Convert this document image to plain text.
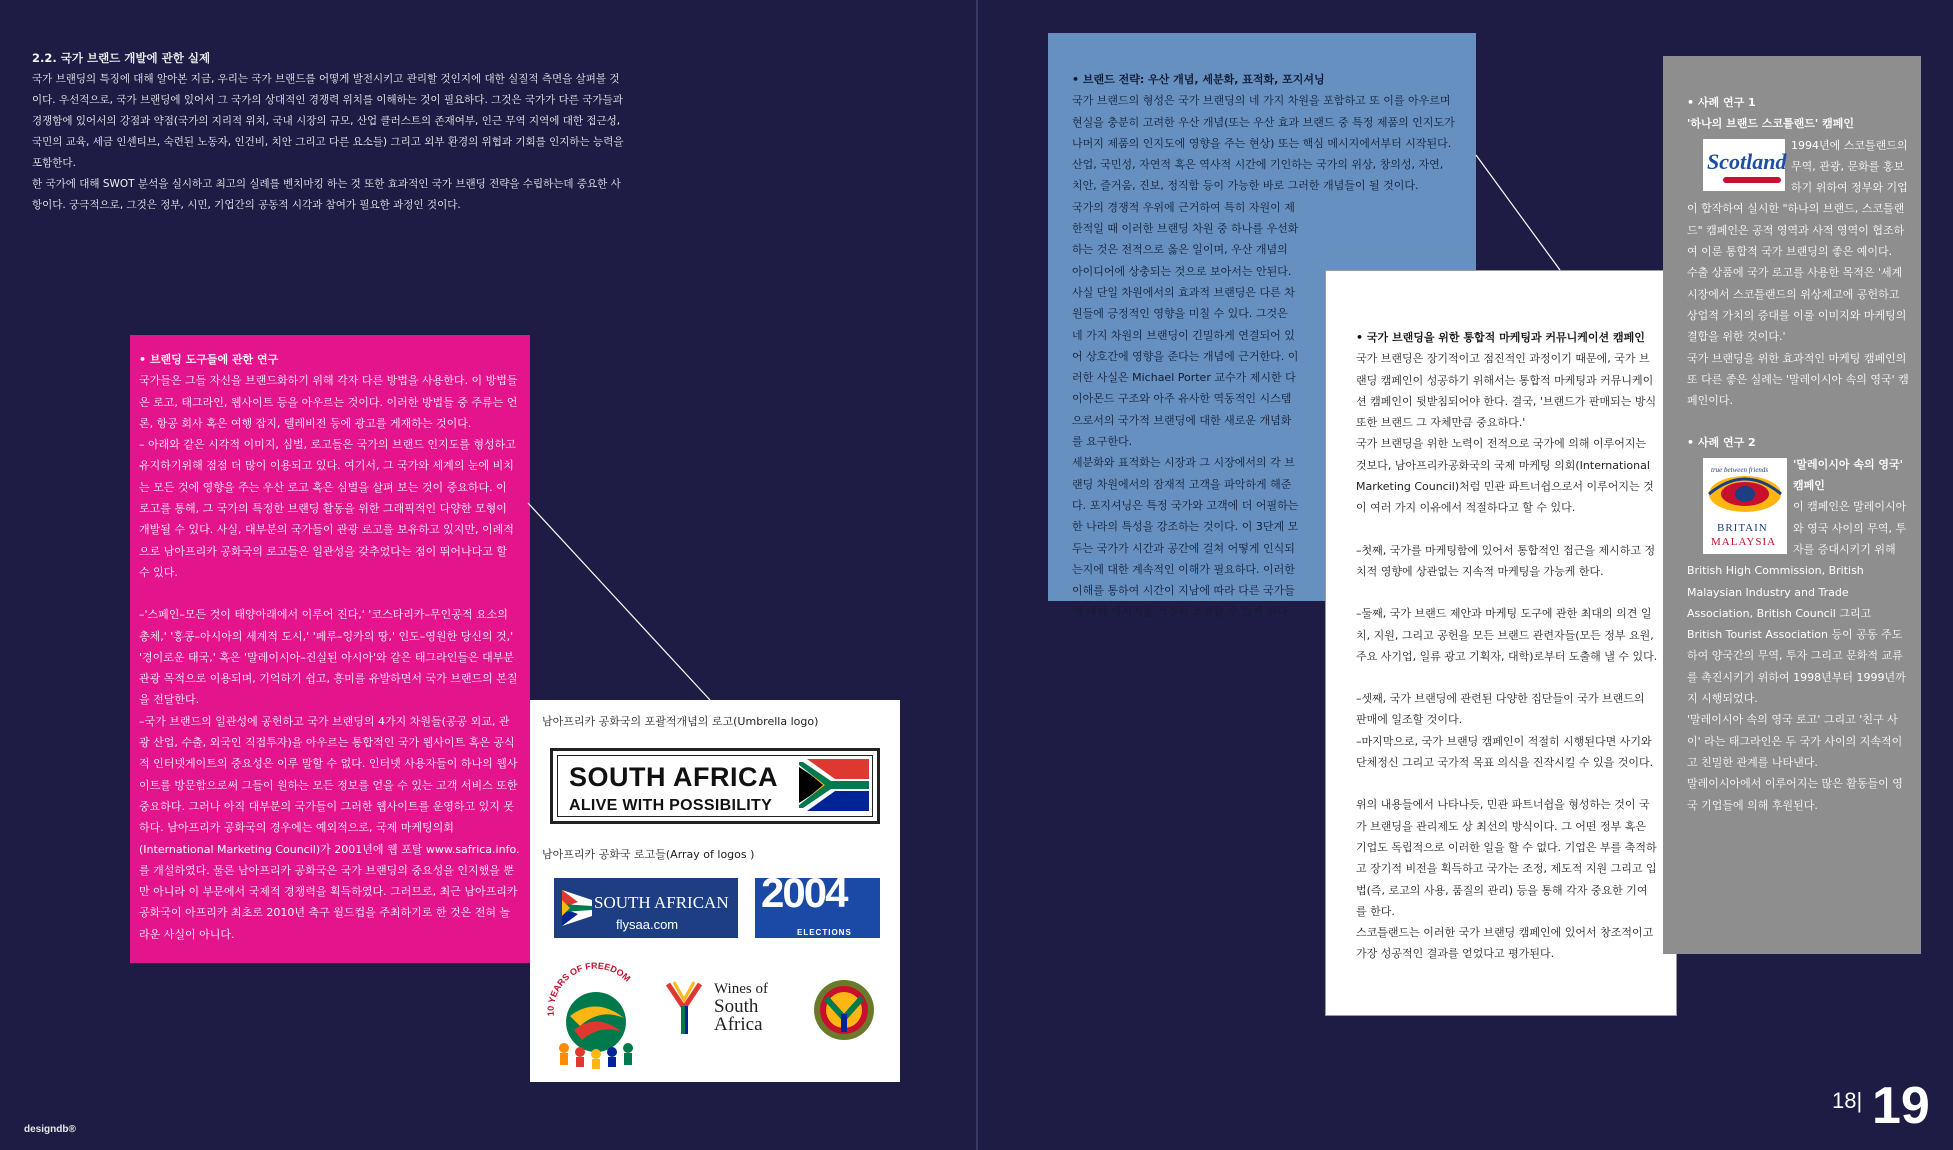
2.2. 국가 브랜드 개발에 관한 실제

국가 브랜딩의 특징에 대해 알아본 지금, 우리는 국가 브랜드를 어떻게 발전시키고 관리할 것인지에 대한 실질적 측면을 살펴볼 것이다. 우선적으로, 국가 브랜딩에 있어서 그 국가의 상대적인 경쟁력 위치를 이해하는 것이 필요하다. 그것은 국가가 다른 국가들과 경쟁함에 있어서의 강점과 약점(국가의 지리적 위치, 국내 시장의 규모, 산업 클러스트의 존재여부, 인근 무역 지역에 대한 접근성, 국민의 교육, 세금 인센티브, 숙련된 노동자, 인건비, 치안 그리고 다른 요소들) 그리고 외부 환경의 위협과 기회를 인지하는 능력을 포함한다.

한 국가에 대해 SWOT 분석을 실시하고 최고의 실례를 벤치마킹 하는 것 또한 효과적인 국가 브랜딩 전략을 수립하는데 중요한 사항이다. 궁극적으로, 그것은 정부, 시민, 기업간의 공동적 시각과 참여가 필요한 과정인 것이다.

• 브랜딩 도구들에 관한 연구

국가들은 그들 자신을 브랜드화하기 위해 각자 다른 방법을 사용한다. 이 방법들은 로고, 태그라인, 웹사이트 등을 아우르는 것이다. 이러한 방법들 중 주류는 언론, 항공 회사 혹은 여행 잡지, 텔레비전 등에 광고를 게재하는 것이다.

– 아래와 같은 시각적 이미지, 심벌, 로고들은 국가의 브랜드 인지도를 형성하고 유지하기위해 점점 더 많이 이용되고 있다. 여기서, 그 국가와 세계의 눈에 비치는 모든 것에 영향을 주는 우산 로고 혹은 심벌을 살펴 보는 것이 중요하다. 이 로고를 통해, 그 국가의 특정한 브랜딩 활동을 위한 그래픽적인 다양한 모형이 개발될 수 있다. 사실, 대부분의 국가들이 관광 로고를 보유하고 있지만, 이례적으로 남아프리카 공화국의 로고들은 일관성을 갖추었다는 점이 뛰어나다고 할 수 있다.

–'스페인–모든 것이 태양아래에서 이루어 진다,' '코스타리카–무인공적 요소의 총체,' '홍콩–아시아의 세계적 도시,' '페루–잉카의 땅,' 인도–영원한 당신의 것,' '경이로운 태국,' 혹은 '말레이시아–진실된 아시아'와 같은 태그라인들은 대부분 관광 목적으로 이용되며, 기억하기 쉽고, 흥미를 유발하면서 국가 브랜드의 본질을 전달한다.

–국가 브랜드의 일관성에 공헌하고 국가 브랜딩의 4가지 차원들(공공 외교, 관광 산업, 수출, 외국인 직접투자)을 아우르는 통합적인 국가 웹사이트 혹은 공식적 인터넷게이트의 중요성은 이루 말할 수 없다. 인터넷 사용자들이 하나의 웹사이트를 방문함으로써 그들이 원하는 모든 정보를 얻을 수 있는 고객 서비스 또한 중요하다. 그러나 아직 대부분의 국가들이 그러한 웹사이트를 운영하고 있지 못하다. 남아프리카 공화국의 경우에는 예외적으로, 국제 마케팅의회 (International Marketing Council)가 2001년에 웹 포탈 www.safrica.info.를 개설하였다. 물론 남아프리카 공화국은 국가 브랜딩의 중요성을 인지했을 뿐만 아니라 이 부문에서 국제적 경쟁력을 획득하였다. 그러므로, 최근 남아프리카 공화국이 아프리카 최초로 2010년 축구 월드컵을 주최하기로 한 것은 전혀 놀라운 사실이 아니다.

남아프리카 공화국의 포괄적개념의 로고(Umbrella logo)

SOUTH AFRICA
ALIVE WITH POSSIBILITY

남아프리카 공화국 로고들(Array of logos )

SOUTH AFRICAN
flysaa.com
2004
ELECTIONS
10 YEARS OF FREEDOM
Wines of
South
Africa

• 브랜드 전략: 우산 개념, 세분화, 표적화, 포지셔닝

국가 브랜드의 형성은 국가 브랜딩의 네 가지 차원을 포함하고 또 이를 아우르며 현실을 충분히 고려한 우산 개념(또는 우산 효과 브랜드 중 특정 제품의 인지도가 나머지 제품의 인지도에 영향을 주는 현상) 또는 핵심 메시지에서부터 시작된다. 산업, 국민성, 자연적 혹은 역사적 시간에 기인하는 국가의 위상, 창의성, 자연, 치안, 즐거움, 진보, 정직함 등이 가능한 바로 그러한 개념들이 될 것이다.

국가의 경쟁적 우위에 근거하여 특히 자원이 제한적일 때 이러한 브랜딩 차원 중 하나를 우선화하는 것은 전적으로 옳은 일이며, 우산 개념의 아이디어에 상충되는 것으로 보아서는 안된다. 사실 단일 차원에서의 효과적 브랜딩은 다른 차원들에 긍정적인 영향을 미칠 수 있다. 그것은 네 가지 차원의 브랜딩이 긴밀하게 연결되어 있어 상호간에 영향을 준다는 개념에 근거한다. 이러한 사실은 Michael Porter 교수가 제시한 다이아몬드 구조와 아주 유사한 역동적인 시스템으로서의 국가적 브랜딩에 대한 새로운 개념화를 요구한다.

세분화와 표적화는 시장과 그 시장에서의 각 브랜딩 차원에서의 잠재적 고객을 파악하게 해준다. 포지셔닝은 특정 국가와 고객에 더 어필하는 한 나라의 특성을 강조하는 것이다. 이 3단계 모두는 국가가 시간과 공간에 걸쳐 어떻게 인식되는지에 대한 계속적인 이해가 필요하다. 이러한 이해를 통하여 시간이 지남에 따라 다른 국가들에 대한 메시지를 적절히 조절할 수 있게 된다.

• 국가 브랜딩을 위한 통합적 마케팅과 커뮤니케이션 캠페인

국가 브랜딩은 장기적이고 점진적인 과정이기 때문에, 국가 브랜딩 캠페인이 성공하기 위해서는 통합적 마케팅과 커뮤니케이션 캠페인이 뒷받침되어야 한다. 결국, '브랜드가 판매되는 방식 또한 브랜드 그 자체만큼 중요하다.'

국가 브랜딩을 위한 노력이 전적으로 국가에 의해 이루어지는 것보다, 남아프리카공화국의 국제 마케팅 의회(International Marketing Council)처럼 민관 파트너쉽으로서 이루어지는 것이 여러 가지 이유에서 적절하다고 할 수 있다.

–첫째, 국가를 마케팅함에 있어서 통합적인 접근을 제시하고 정치적 영향에 상관없는 지속적 마케팅을 가능케 한다.

–둘째, 국가 브랜드 제안과 마케팅 도구에 관한 최대의 의견 일치, 지원, 그리고 공헌을 모든 브랜드 관련자들(모든 정부 요원, 주요 사기업, 일류 광고 기획자, 대학)로부터 도출해 낼 수 있다.

–셋째, 국가 브랜딩에 관련된 다양한 집단들이 국가 브랜드의 판매에 일조할 것이다.

–마지막으로, 국가 브랜딩 캠페인이 적절히 시행된다면 사기와 단체정신 그리고 국가적 목표 의식을 진작시킬 수 있을 것이다.

위의 내용들에서 나타나듯, 민관 파트너쉽을 형성하는 것이 국가 브랜딩을 관리제도 상 최선의 방식이다. 그 어떤 정부 혹은 기업도 독립적으로 이러한 일을 할 수 없다. 기업은 부를 축적하고 장기적 비전을 획득하고 국가는 조정, 제도적 지원 그리고 입법(즉, 로고의 사용, 품질의 관리) 등을 통해 각자 중요한 기여를 한다.

스코틀랜드는 이러한 국가 브랜딩 캠페인에 있어서 창조적이고 가장 성공적인 결과를 얻었다고 평가된다.

• 사례 연구 1

'하나의 브랜드 스코틀랜드' 캠페인

Scotland

1994년에 스코틀랜드의 무역, 관광, 문화를 홍보하기 위하여 정부와 기업이 합작하여 실시한 "하나의 브랜드, 스코틀랜드" 캠페인은 공적 영역과 사적 영역이 협조하여 이룬 통합적 국가 브랜딩의 좋은 예이다.

수출 상품에 국가 로고를 사용한 목적은 '세계시장에서 스코틀랜드의 위상제고에 공헌하고 상업적 가치의 증대를 이룰 이미지와 마케팅의 결합을 위한 것이다.'

국가 브랜딩을 위한 효과적인 마케팅 캠페인의 또 다른 좋은 실례는 '말레이시아 속의 영국' 캠페인이다.

• 사례 연구 2

true between friends
BRITAIN
MALAYSIA

'말레이시아 속의 영국' 캠페인

이 캠페인은 말레이시아와 영국 사이의 무역, 투자를 증대시키기 위해 British High Commission, British Malaysian Industry and Trade Association, British Council 그리고 British Tourist Association 등이 공동 주도하여 양국간의 무역, 투자 그리고 문화적 교류 를 촉진시키기 위하여 1998년부터 1999년까지 시행되었다.

'말레이시아 속의 영국 로고' 그리고 '친구 사이' 라는 태그라인은 두 국가 사이의 지속적이고 친밀한 관계를 나타낸다.

말레이시아에서 이루어지는 많은 활동들이 영국 기업들에 의해 후원된다.

designdb®
18| 19
